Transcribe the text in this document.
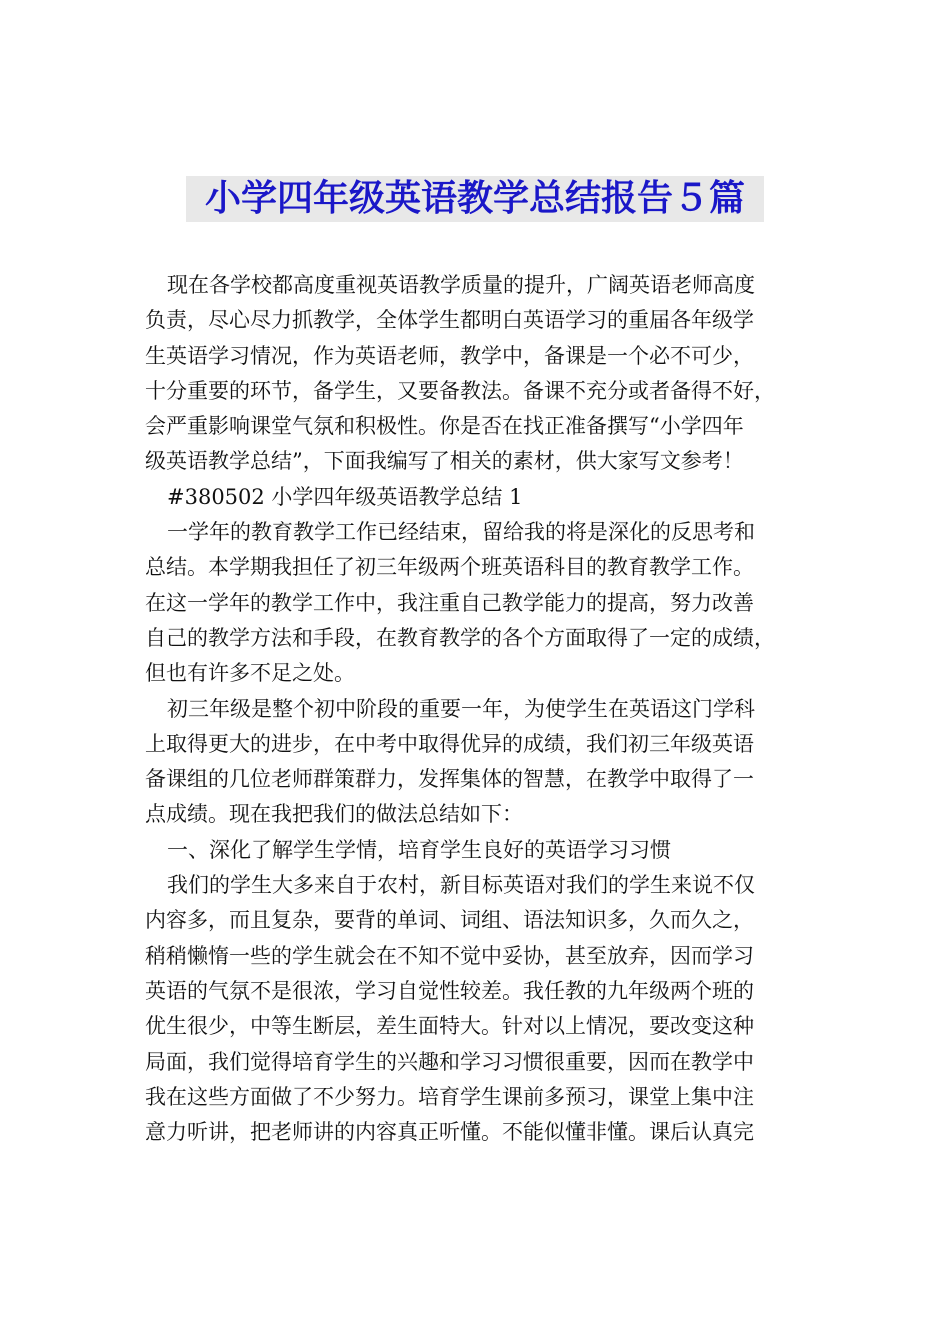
小学四年级英语教学总结报告５篇
现在各学校都高度重视英语教学质量的提升，广阔英语老师高度
负责，尽心尽力抓教学，全体学生都明白英语学习的重届各年级学
生英语学习情况，作为英语老师，教学中，备课是一个必不可少，
十分重要的环节，备学生，又要备教法。备课不充分或者备得不好，
会严重影响课堂气氛和积极性。你是否在找正准备撰写“小学四年
级英语教学总结”，下面我编写了相关的素材，供大家写文参考！
#380502 小学四年级英语教学总结 1
一学年的教育教学工作已经结束，留给我的将是深化的反思考和
总结。本学期我担任了初三年级两个班英语科目的教育教学工作。
在这一学年的教学工作中，我注重自己教学能力的提高，努力改善
自己的教学方法和手段，在教育教学的各个方面取得了一定的成绩，
但也有许多不足之处。
初三年级是整个初中阶段的重要一年，为使学生在英语这门学科
上取得更大的进步，在中考中取得优异的成绩，我们初三年级英语
备课组的几位老师群策群力，发挥集体的智慧，在教学中取得了一
点成绩。现在我把我们的做法总结如下：
一、深化了解学生学情，培育学生良好的英语学习习惯
我们的学生大多来自于农村，新目标英语对我们的学生来说不仅
内容多，而且复杂，要背的单词、词组、语法知识多，久而久之，
稍稍懒惰一些的学生就会在不知不觉中妥协，甚至放弃，因而学习
英语的气氛不是很浓，学习自觉性较差。我任教的九年级两个班的
优生很少，中等生断层，差生面特大。针对以上情况，要改变这种
局面，我们觉得培育学生的兴趣和学习习惯很重要，因而在教学中
我在这些方面做了不少努力。培育学生课前多预习，课堂上集中注
意力听讲，把老师讲的内容真正听懂。不能似懂非懂。课后认真完
